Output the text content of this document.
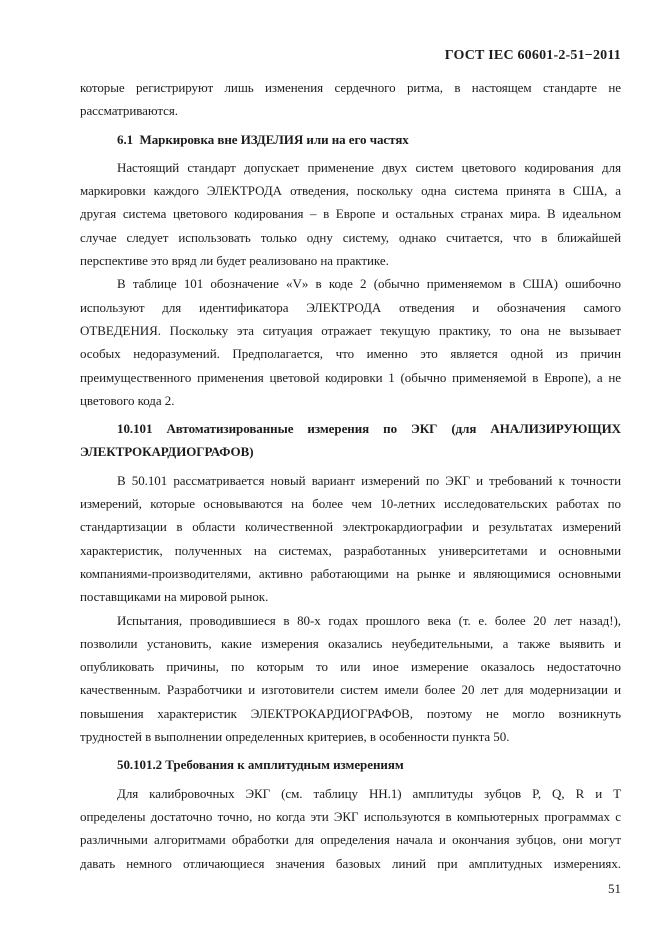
ГОСТ IEC 60601-2-51−2011
которые регистрируют лишь изменения сердечного ритма, в настоящем стандарте не
рассматриваются.
6.1  Маркировка вне ИЗДЕЛИЯ или на его частях
Настоящий стандарт допускает применение двух систем цветового кодирования для
маркировки каждого ЭЛЕКТРОДА отведения, поскольку одна система принята в США, а
другая система цветового кодирования – в Европе и остальных странах мира. В идеальном
случае следует использовать только одну систему, однако считается, что в ближайшей
перспективе это вряд ли будет реализовано на практике.
В таблице 101 обозначение «V» в коде 2 (обычно применяемом в США) ошибочно
используют для идентификатора ЭЛЕКТРОДА отведения и обозначения самого
ОТВЕДЕНИЯ. Поскольку эта ситуация отражает текущую практику, то она не вызывает
особых недоразумений. Предполагается, что именно это является одной из причин
преимущественного применения цветовой кодировки 1 (обычно применяемой в Европе), а не
цветового кода 2.
10.101 Автоматизированные измерения по ЭКГ (для АНАЛИЗИРУЮЩИХ
ЭЛЕКТРОКАРДИОГРАФОВ)
В 50.101 рассматривается новый вариант измерений по ЭКГ и требований к точности
измерений, которые основываются на более чем 10-летних исследовательских работах по
стандартизации в области количественной электрокардиографии и результатах измерений
характеристик, полученных на системах, разработанных университетами и основными
компаниями-производителями, активно работающими на рынке и являющимися основными
поставщиками на мировой рынок.
Испытания, проводившиеся в 80-х годах прошлого века (т. е. более 20 лет назад!),
позволили установить, какие измерения оказались неубедительными, а также выявить и
опубликовать причины, по которым то или иное измерение оказалось недостаточно
качественным. Разработчики и изготовители систем имели более 20 лет для модернизации и
повышения характеристик ЭЛЕКТРОКАРДИОГРАФОВ, поэтому не могло возникнуть
трудностей в выполнении определенных критериев, в особенности пункта 50.
50.101.2 Требования к амплитудным измерениям
Для калибровочных ЭКГ (см. таблицу HH.1) амплитуды зубцов P, Q, R и T
определены достаточно точно, но когда эти ЭКГ используются в компьютерных программах с
различными алгоритмами обработки для определения начала и окончания зубцов, они могут
давать немного отличающиеся значения базовых линий при амплитудных измерениях.
51
